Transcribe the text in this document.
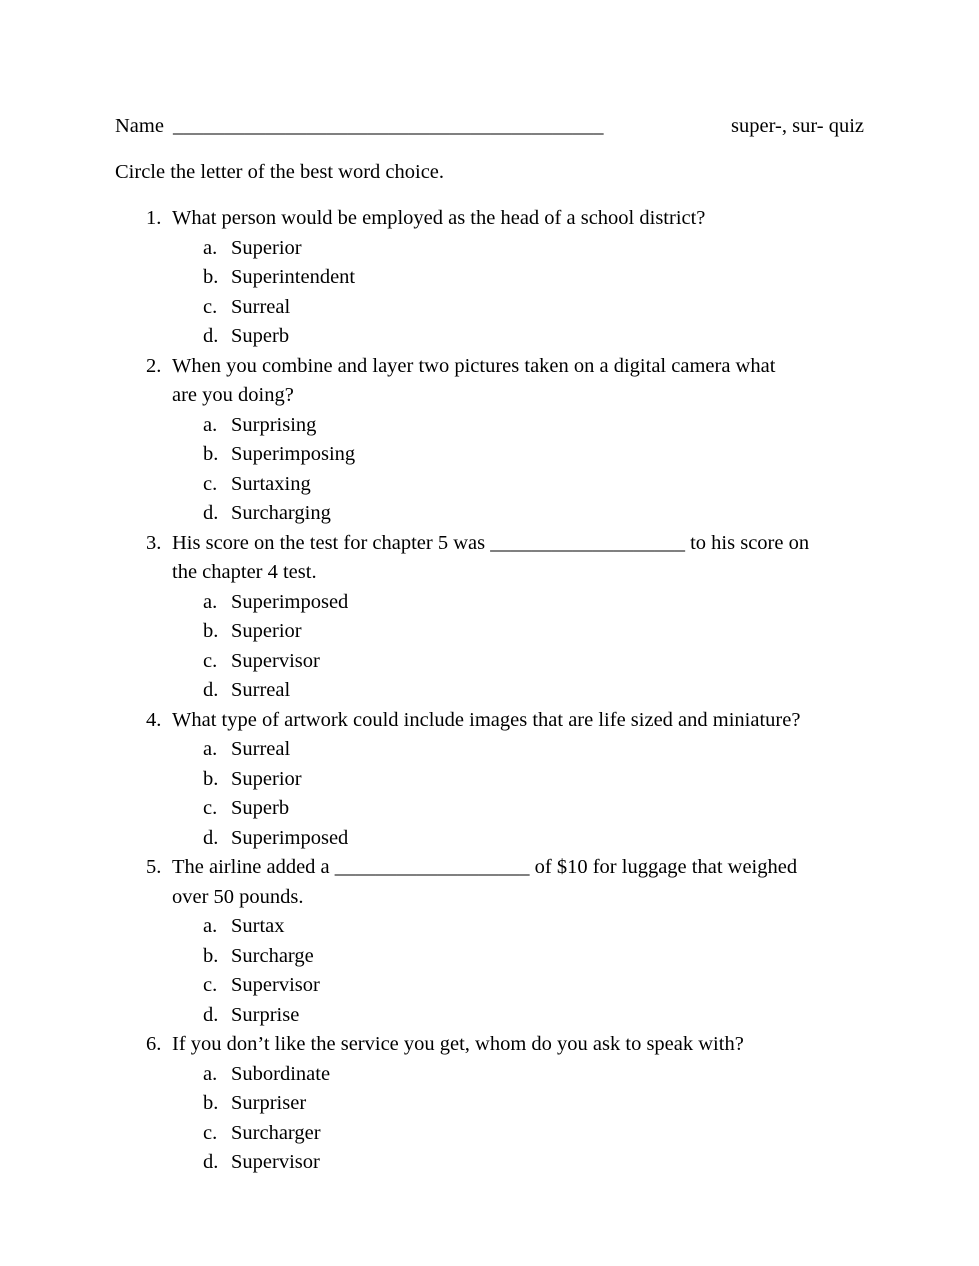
Name __________________________________________	super-, sur- quiz
Circle the letter of the best word choice.
1. What person would be employed as the head of a school district?
a. Superior
b. Superintendent
c. Surreal
d. Superb
2. When you combine and layer two pictures taken on a digital camera what
are you doing?
a. Surprising
b. Superimposing
c. Surtaxing
d. Surcharging
3. His score on the test for chapter 5 was ___________________ to his score on
the chapter 4 test.
a. Superimposed
b. Superior
c. Supervisor
d. Surreal
4. What type of artwork could include images that are life sized and miniature?
a. Surreal
b. Superior
c. Superb
d. Superimposed
5. The airline added a ___________________ of $10 for luggage that weighed
over 50 pounds.
a. Surtax
b. Surcharge
c. Supervisor
d. Surprise
6. If you don’t like the service you get, whom do you ask to speak with?
a. Subordinate
b. Surpriser
c. Surcharger
d. Supervisor
